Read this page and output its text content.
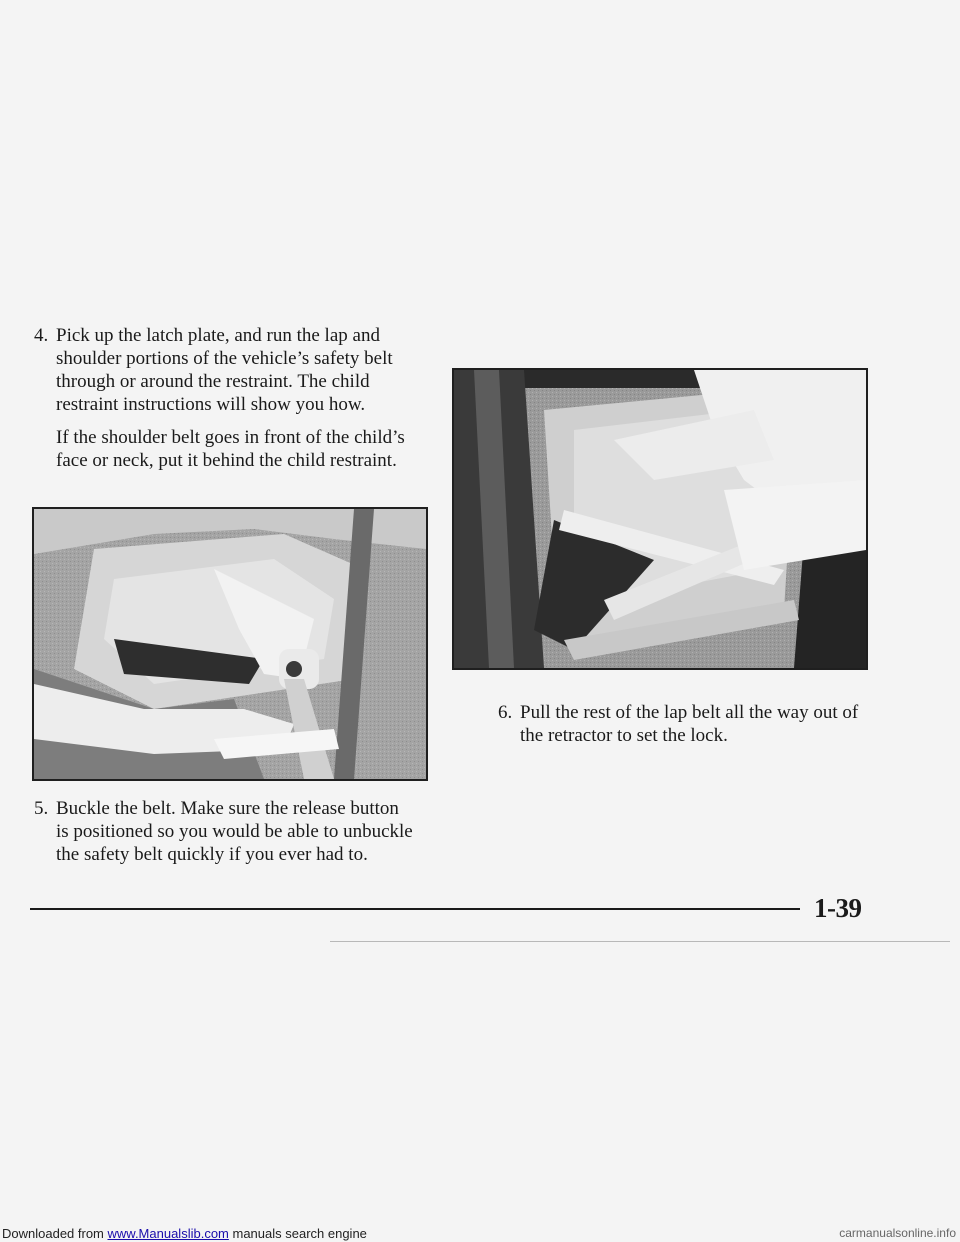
4. Pick up the latch plate, and run the lap and shoulder portions of the vehicle’s safety belt through or around the restraint. The child restraint instructions will show you how.

If the shoulder belt goes in front of the child’s face or neck, put it behind the child restraint.

6. Pull the rest of the lap belt all the way out of the retractor to set the lock.

5. Buckle the belt. Make sure the release button is positioned so you would be able to unbuckle the safety belt quickly if you ever had to.

1-39
Downloaded from www.Manualslib.com manuals search engine	carmanualsonline.info
